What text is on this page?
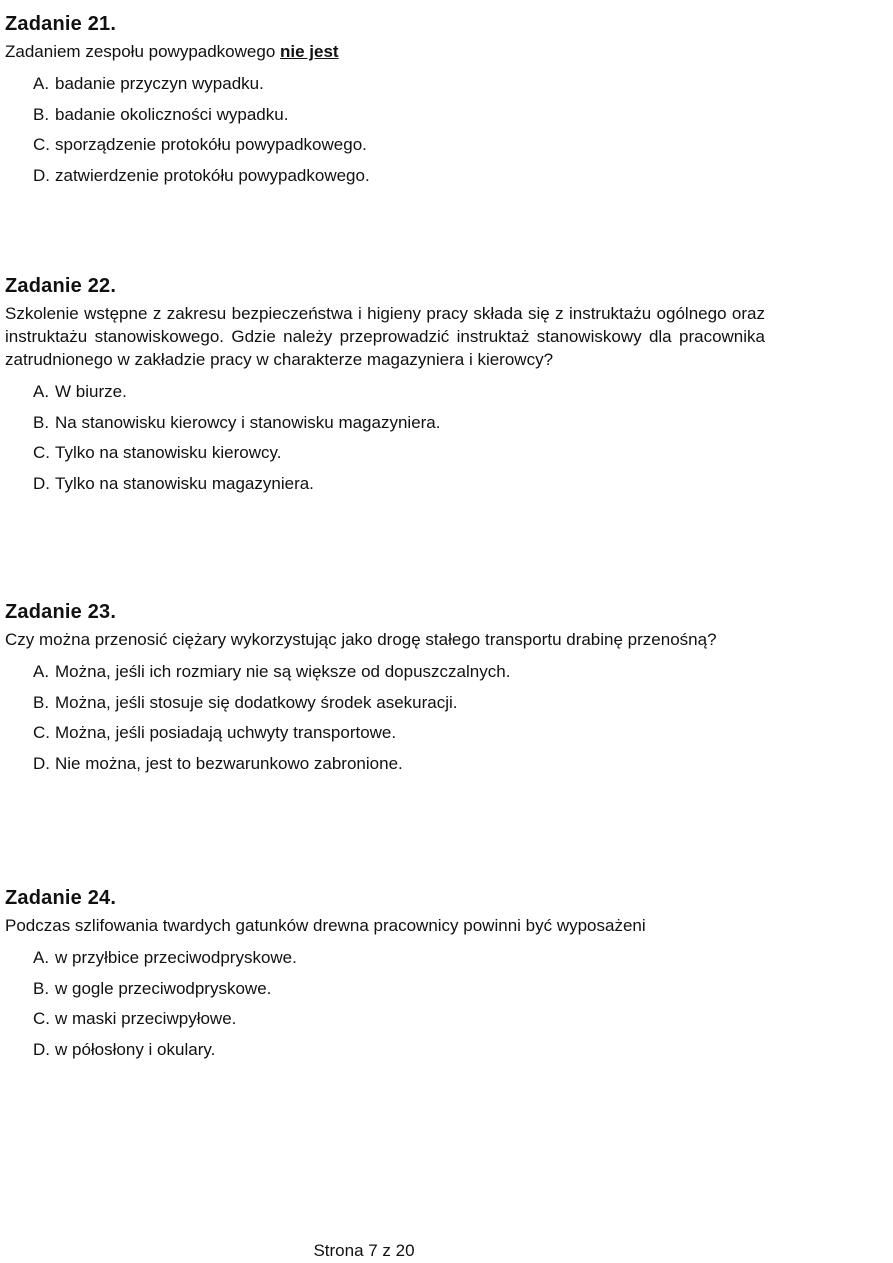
Zadanie 21.
Zadaniem zespołu powypadkowego nie jest
A. badanie przyczyn wypadku.
B. badanie okoliczności wypadku.
C. sporządzenie protokółu powypadkowego.
D. zatwierdzenie protokółu powypadkowego.
Zadanie 22.
Szkolenie wstępne z zakresu bezpieczeństwa i higieny pracy składa się z instruktażu ogólnego oraz instruktażu stanowiskowego. Gdzie należy przeprowadzić instruktaż stanowiskowy dla pracownika zatrudnionego w zakładzie pracy w charakterze magazyniera i kierowcy?
A. W biurze.
B. Na stanowisku kierowcy i stanowisku magazyniera.
C. Tylko na stanowisku kierowcy.
D. Tylko na stanowisku magazyniera.
Zadanie 23.
Czy można przenosić ciężary wykorzystując jako drogę stałego transportu drabinę przenośną?
A. Można, jeśli ich rozmiary nie są większe od dopuszczalnych.
B. Można, jeśli stosuje się dodatkowy środek asekuracji.
C. Można, jeśli posiadają uchwyty transportowe.
D. Nie można, jest to bezwarunkowo zabronione.
Zadanie 24.
Podczas szlifowania twardych gatunków drewna pracownicy powinni być wyposażeni
A. w przyłbice przeciwodpryskowe.
B. w gogle przeciwodpryskowe.
C. w maski przeciwpyłowe.
D. w półosłony i okulary.
Strona 7 z 20
